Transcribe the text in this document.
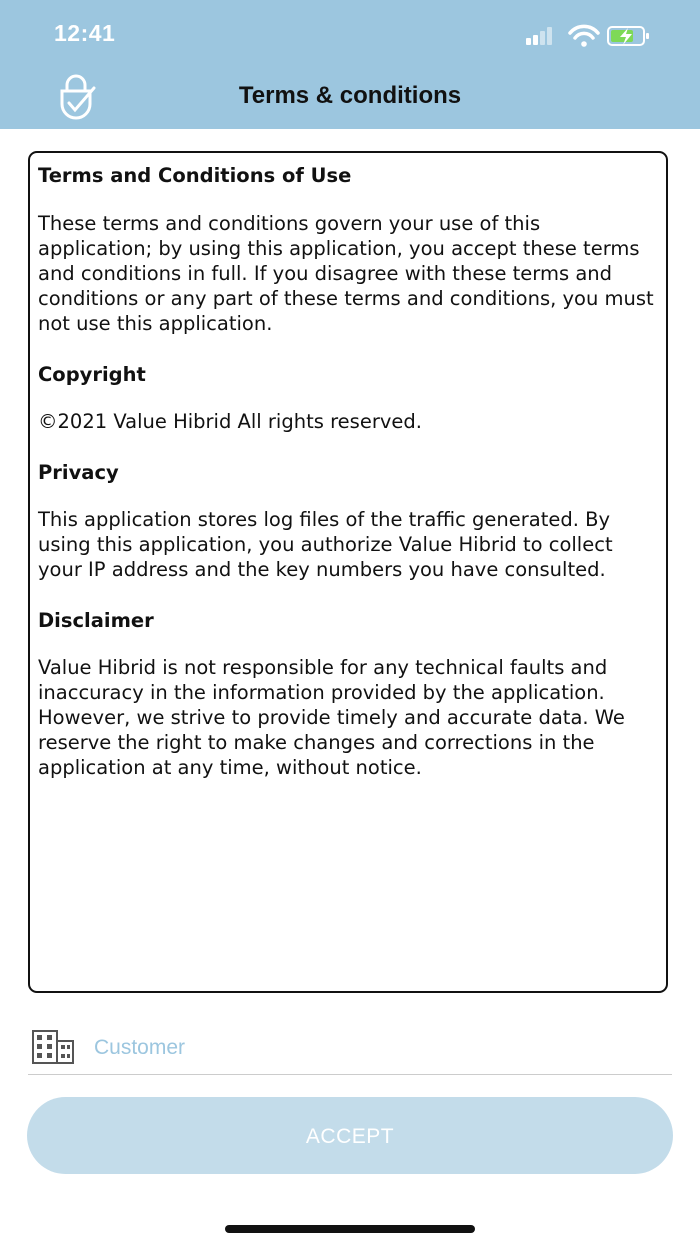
12:41
Terms & conditions
Terms and Conditions of Use

These terms and conditions govern your use of this application; by using this application, you accept these terms and conditions in full. If you disagree with these terms and conditions or any part of these terms and conditions, you must not use this application.

Copyright

©2021 Value Hibrid All rights reserved.

Privacy

This application stores log files of the traffic generated. By using this application, you authorize Value Hibrid to collect your IP address and the key numbers you have consulted.

Disclaimer

Value Hibrid is not responsible for any technical faults and inaccuracy in the information provided by the application. However, we strive to provide timely and accurate data. We reserve the right to make changes and corrections in the application at any time, without notice.

Customer
ACCEPT
